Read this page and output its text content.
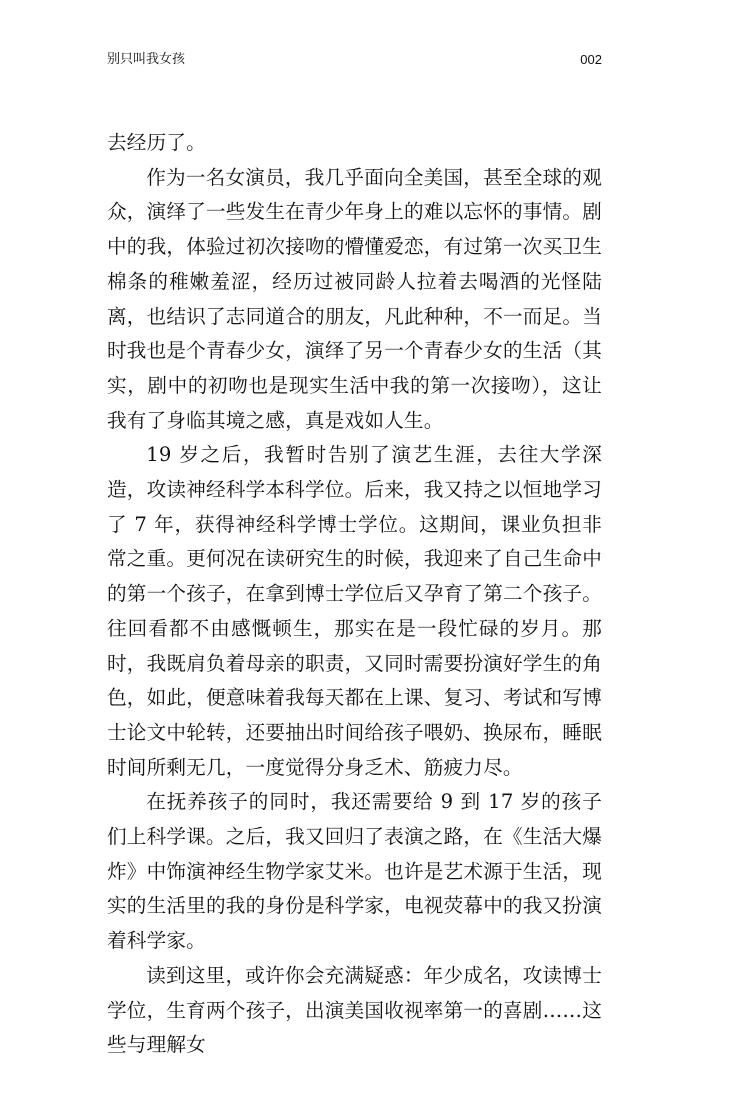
别只叫我女孩	002

去经历了。

作为一名女演员，我几乎面向全美国，甚至全球的观众，演绎了一些发生在青少年身上的难以忘怀的事情。剧中的我，体验过初次接吻的懵懂爱恋，有过第一次买卫生棉条的稚嫩羞涩，经历过被同龄人拉着去喝酒的光怪陆离，也结识了志同道合的朋友，凡此种种，不一而足。当时我也是个青春少女，演绎了另一个青春少女的生活（其实，剧中的初吻也是现实生活中我的第一次接吻），这让我有了身临其境之感，真是戏如人生。

19 岁之后，我暂时告别了演艺生涯，去往大学深造，攻读神经科学本科学位。后来，我又持之以恒地学习了 7 年，获得神经科学博士学位。这期间，课业负担非常之重。更何况在读研究生的时候，我迎来了自己生命中的第一个孩子，在拿到博士学位后又孕育了第二个孩子。往回看都不由感慨顿生，那实在是一段忙碌的岁月。那时，我既肩负着母亲的职责，又同时需要扮演好学生的角色，如此，便意味着我每天都在上课、复习、考试和写博士论文中轮转，还要抽出时间给孩子喂奶、换尿布，睡眠时间所剩无几，一度觉得分身乏术、筋疲力尽。

在抚养孩子的同时，我还需要给 9 到 17 岁的孩子们上科学课。之后，我又回归了表演之路，在《生活大爆炸》中饰演神经生物学家艾米。也许是艺术源于生活，现实的生活里的我的身份是科学家，电视荧幕中的我又扮演着科学家。

读到这里，或许你会充满疑惑：年少成名，攻读博士学位，生育两个孩子，出演美国收视率第一的喜剧……这些与理解女
